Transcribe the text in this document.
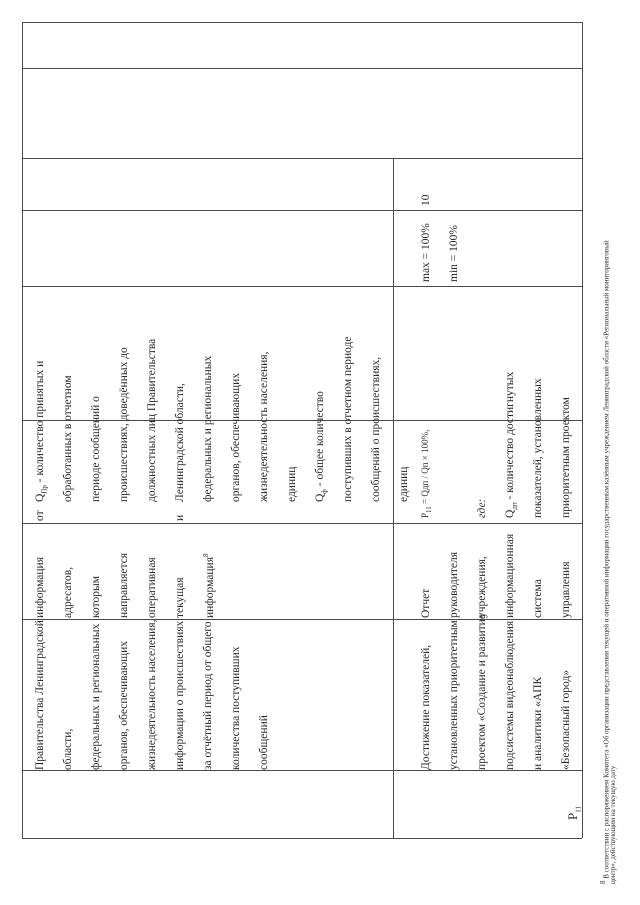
Правительства Ленинградской области, федеральных и региональных органов, обеспечивающих жизнедеятельность населения, информации о происшествиях за отчётный период от общего количества поступивших сообщений
информация адресатов, которым направляется оперативная текущая информация$^8$
от	и
$Q_{Пр}$ - количество принятых и обработанных в отчетном периоде сообщений о происшествиях, доведённых до должностных лиц Правительства Ленинградской области, федеральных и региональных органов, обеспечивающих жизнедеятельность населения, единиц $Q_ф$ - общее количество поступивших в отчетном периоде сообщений о происшествиях, единиц
$P_{11}$
Достижение показателей, установленных приоритетным проектом «Создание и развитие подсистемы видеонаблюдения и аналитики «АПК «Безопасный город»
Отчет руководителя учреждения, информационная система управления
$P_{11}$ = Qдп / Qп × 100%,
где: $Q_{дп}$ - количество достигнутых показателей, установленных приоритетным проектом
max = 100% min = 100%
10
8 В соответствии с распоряжением Комитета «Об организации представления текущей и оперативной информации государственным казённым учреждением Ленинградской области «Региональный мониторинговый
центр», действующим на текущую дату
